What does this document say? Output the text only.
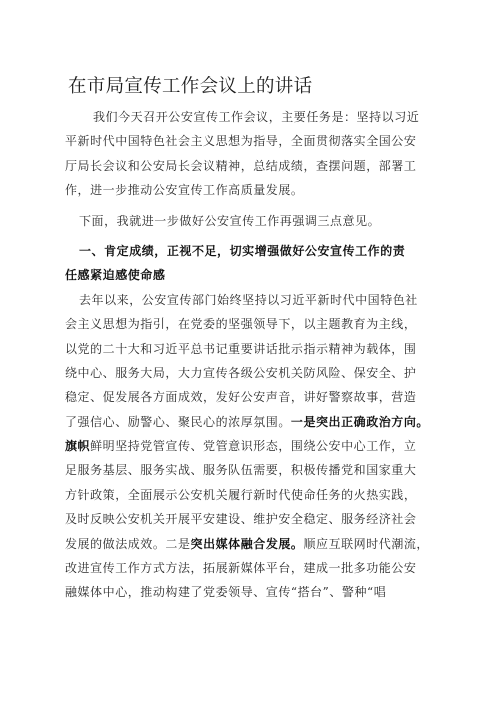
在市局宣传工作会议上的讲话
我们今天召开公安宣传工作会议，主要任务是：坚持以习近
平新时代中国特色社会主义思想为指导，全面贯彻落实全国公安
厅局长会议和公安局长会议精神，总结成绩，查摆问题，部署工
作，进一步推动公安宣传工作高质量发展。
下面，我就进一步做好公安宣传工作再强调三点意见。
一、肯定成绩，正视不足，切实增强做好公安宣传工作的责
任感紧迫感使命感
去年以来，公安宣传部门始终坚持以习近平新时代中国特色社
会主义思想为指引，在党委的坚强领导下，以主题教育为主线，
以党的二十大和习近平总书记重要讲话批示指示精神为载体，围
绕中心、服务大局，大力宣传各级公安机关防风险、保安全、护
稳定、促发展各方面成效，发好公安声音，讲好警察故事，营造
了强信心、励警心、聚民心的浓厚氛围。一是突出正确政治方向。
旗帜鲜明坚持党管宣传、党管意识形态，围绕公安中心工作，立
足服务基层、服务实战、服务队伍需要，积极传播党和国家重大
方针政策，全面展示公安机关履行新时代使命任务的火热实践，
及时反映公安机关开展平安建设、维护安全稳定、服务经济社会
发展的做法成效。二是突出媒体融合发展。顺应互联网时代潮流，
改进宣传工作方式方法，拓展新媒体平台，建成一批多功能公安
融媒体中心，推动构建了党委领导、宣传“搭台”、警种“唱
